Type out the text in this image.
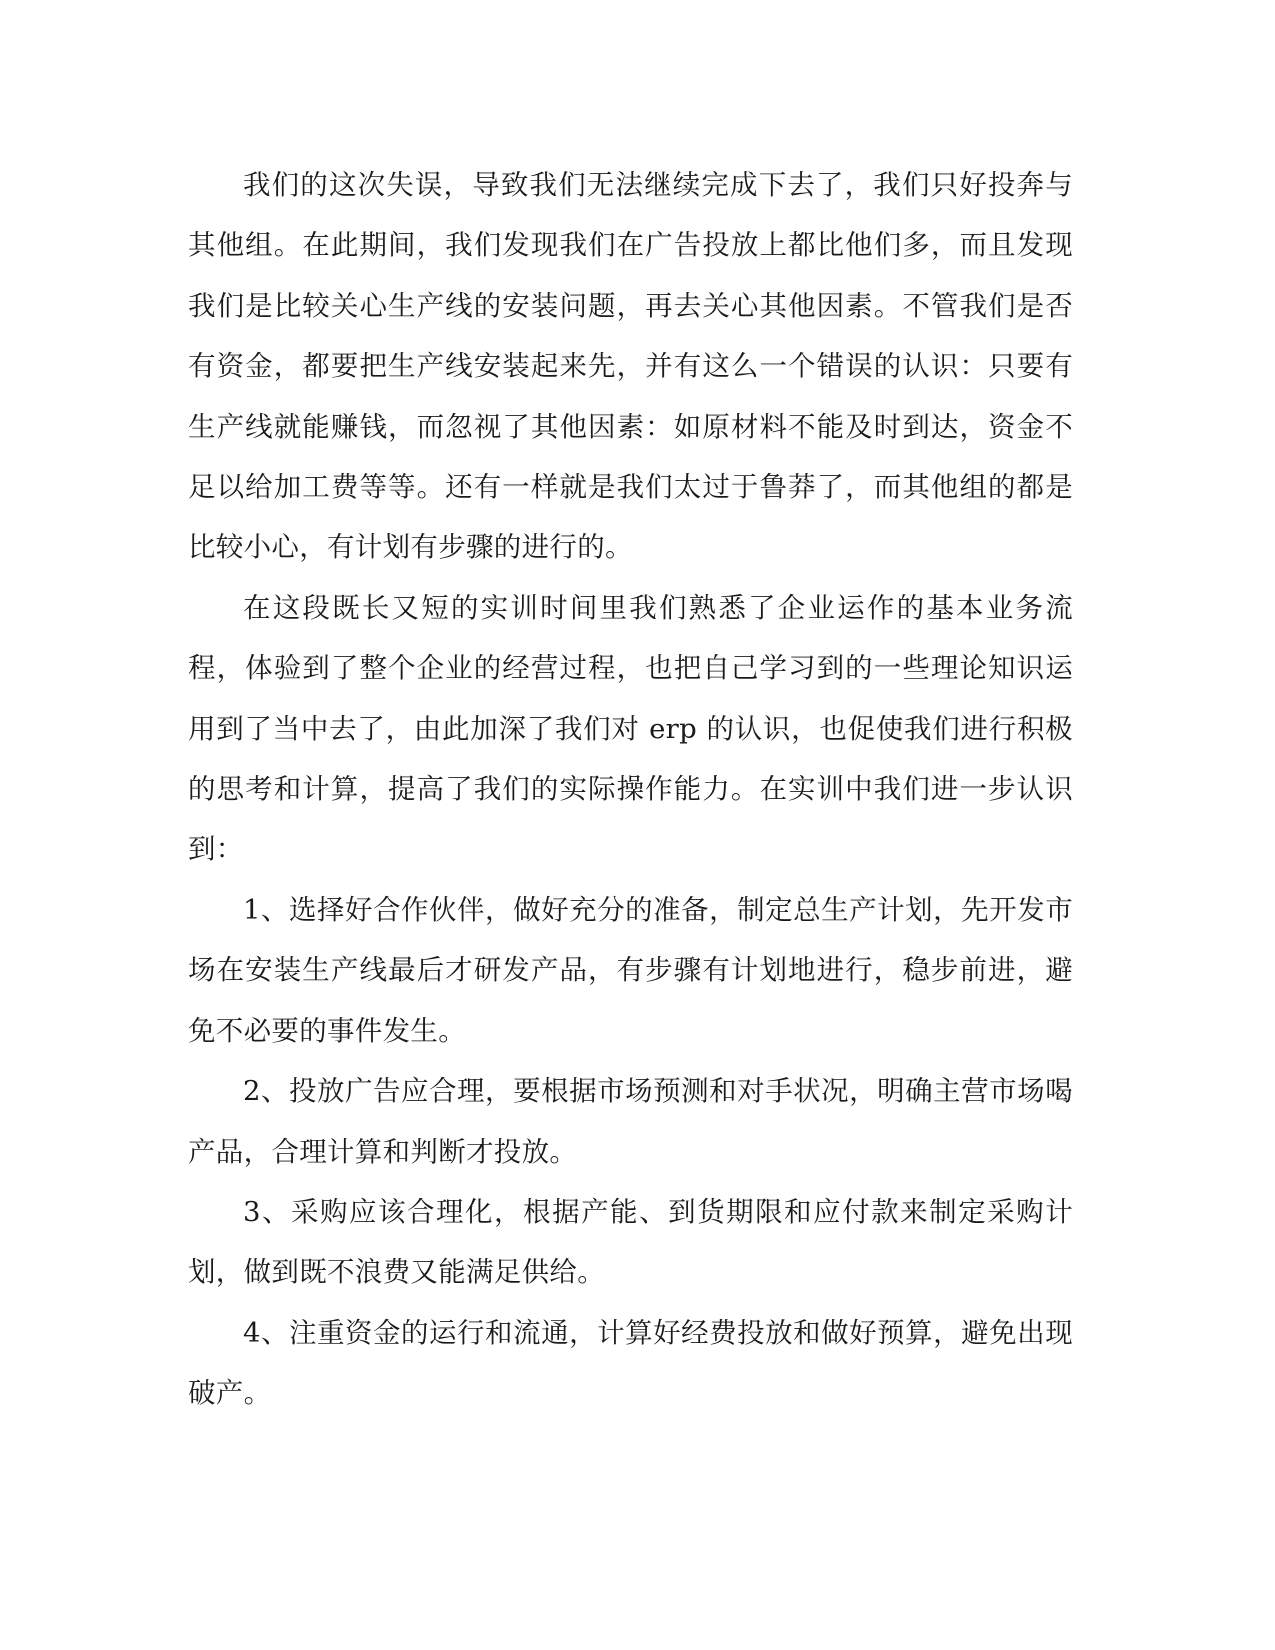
我们的这次失误，导致我们无法继续完成下去了，我们只好投奔与其他组。在此期间，我们发现我们在广告投放上都比他们多，而且发现我们是比较关心生产线的安装问题，再去关心其他因素。不管我们是否有资金，都要把生产线安装起来先，并有这么一个错误的认识：只要有生产线就能赚钱，而忽视了其他因素：如原材料不能及时到达，资金不足以给加工费等等。还有一样就是我们太过于鲁莽了，而其他组的都是比较小心，有计划有步骤的进行的。

在这段既长又短的实训时间里我们熟悉了企业运作的基本业务流程，体验到了整个企业的经营过程，也把自己学习到的一些理论知识运用到了当中去了，由此加深了我们对 erp 的认识，也促使我们进行积极的思考和计算，提高了我们的实际操作能力。在实训中我们进一步认识到：

1、选择好合作伙伴，做好充分的准备，制定总生产计划，先开发市场在安装生产线最后才研发产品，有步骤有计划地进行，稳步前进，避免不必要的事件发生。

2、投放广告应合理，要根据市场预测和对手状况，明确主营市场喝产品，合理计算和判断才投放。

3、采购应该合理化，根据产能、到货期限和应付款来制定采购计划，做到既不浪费又能满足供给。

4、注重资金的运行和流通，计算好经费投放和做好预算，避免出现破产。
